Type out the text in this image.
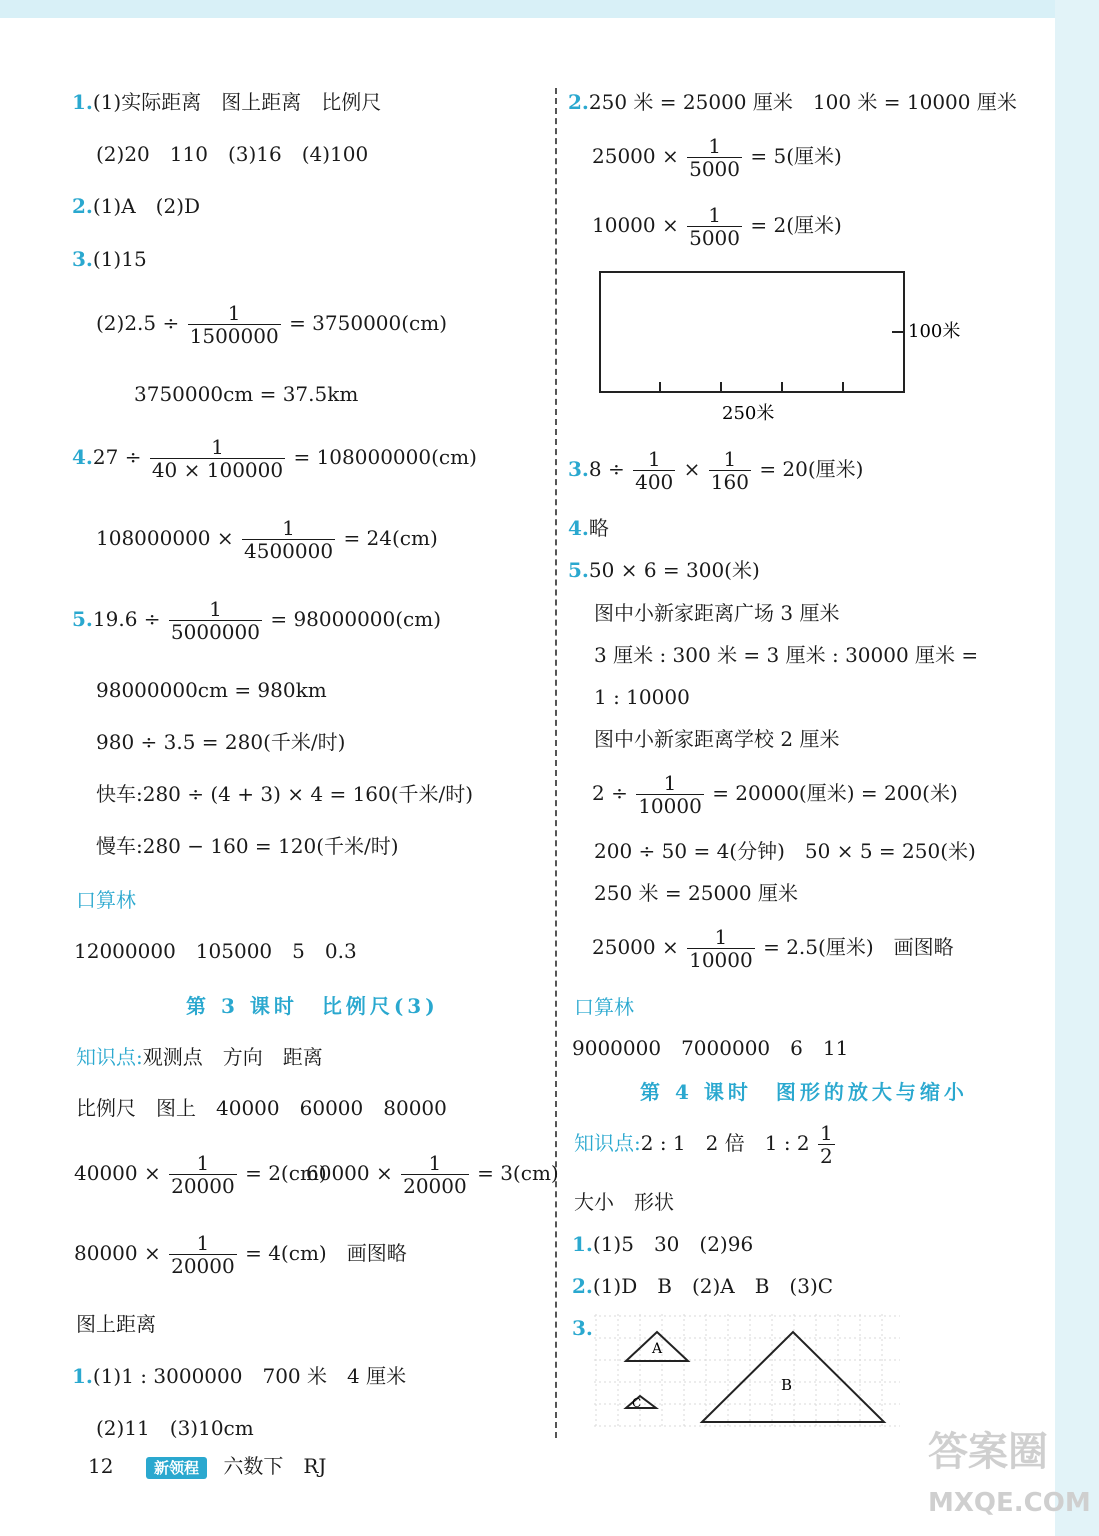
1.(1)实际距离　图上距离　比例尺
(2)20　110　(3)16　(4)100
2.(1)A　(2)D
3.(1)15
$(2)2.5 \div \frac{1}{1500000} = 3750000(cm)$
3750000cm = 37.5km
$4.27 \div \frac{1}{40 \times 100000} = 108000000(cm)$
$108000000 \times \frac{1}{4500000} = 24(cm)$
$5.19.6 \div \frac{1}{5000000} = 98000000(cm)$
98000000cm = 980km
980 ÷ 3.5 = 280(千米/时)
快车:280 ÷ (4 + 3) × 4 = 160(千米/时)
慢车:280 − 160 = 120(千米/时)
口算林
12000000　105000　5　0.3
第 3 课时　比例尺(3)
知识点:观测点　方向　距离
比例尺　图上　40000　60000　80000
$40000 \times \frac{1}{20000} = 2(cm)$
$60000 \times \frac{1}{20000} = 3(cm)$
$80000 \times \frac{1}{20000} = 4(cm)$　画图略
图上距离
1.(1)1 : 3000000　700 米　4 厘米
(2)11　(3)10cm
2.250 米 = 25000 厘米　100 米 = 10000 厘米
$25000 \times \frac{1}{5000} = 5$(厘米)
$10000 \times \frac{1}{5000} = 2$(厘米)
100米
250米
$3.8 \div \frac{1}{400} \times \frac{1}{160} = 20$(厘米)
4.略
5.50 × 6 = 300(米)
图中小新家距离广场 3 厘米
3 厘米 : 300 米 = 3 厘米 : 30000 厘米 =
1 : 10000
图中小新家距离学校 2 厘米
$2 \div \frac{1}{10000} = 20000$(厘米) = 200(米)
200 ÷ 50 = 4(分钟)　50 × 5 = 250(米)
250 米 = 25000 厘米
$25000 \times \frac{1}{10000} = 2.5$(厘米)　画图略
口算林
9000000　7000000　6　11
第 4 课时　图形的放大与缩小
知识点:2 : 1　2 倍　1 : $2 \frac{1}{2}$
大小　形状
1.(1)5　30　(2)96
2.(1)D　B　(2)A　B　(3)C
3.
A
C
B
12	新领程 六数下　RJ	答案圈
MXQE.COM
